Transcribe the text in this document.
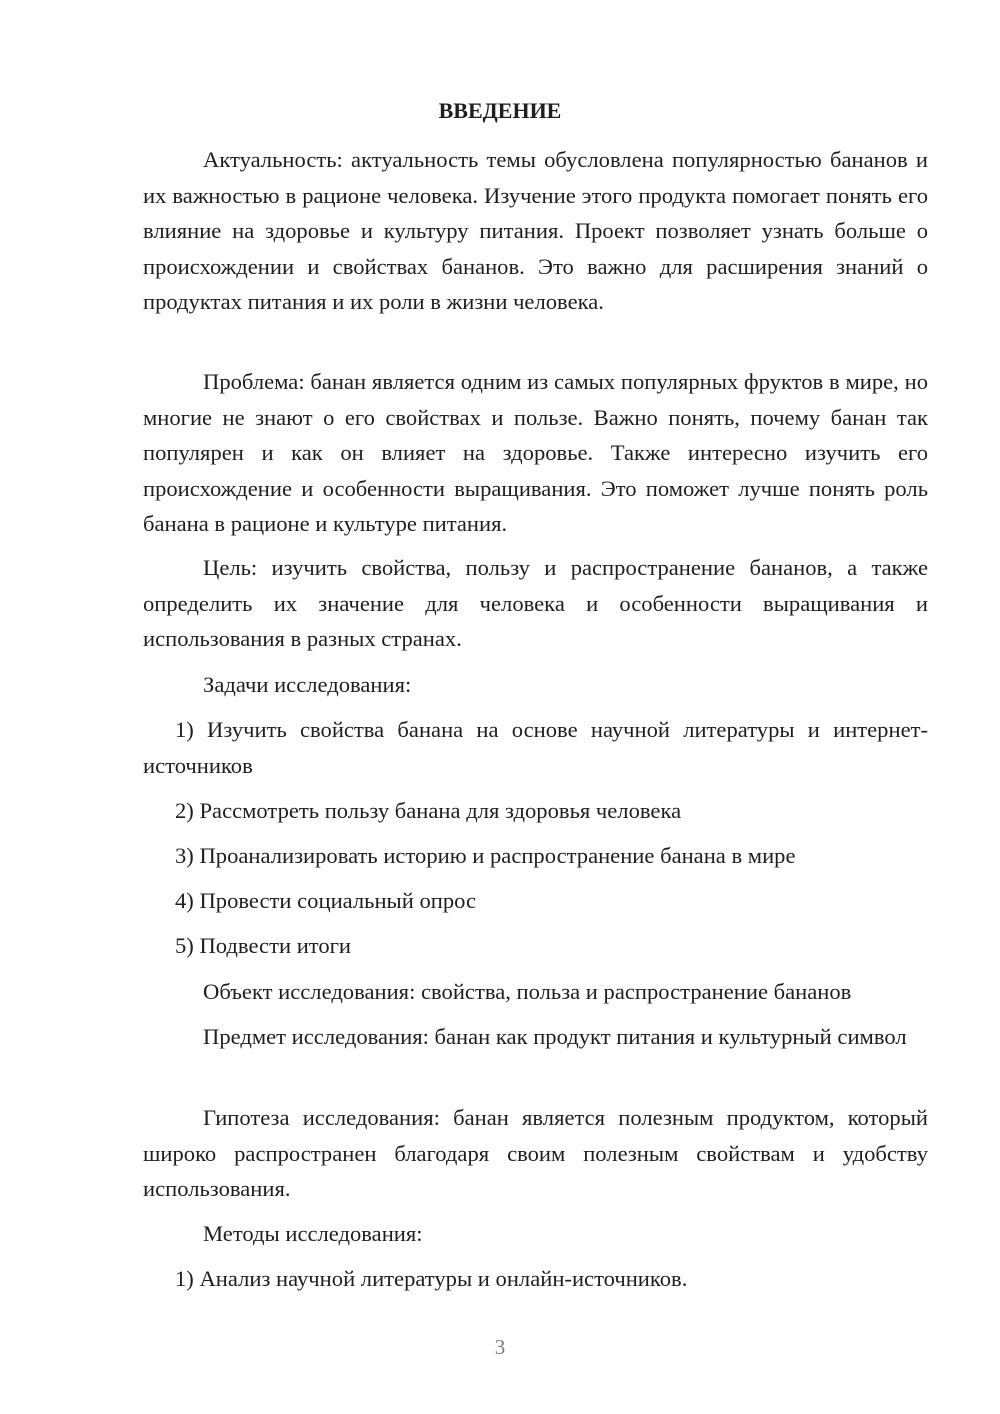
ВВЕДЕНИЕ

Актуальность: актуальность темы обусловлена популярностью бананов и их важностью в рационе человека. Изучение этого продукта помогает понять его влияние на здоровье и культуру питания. Проект позволяет узнать больше о происхождении и свойствах бананов. Это важно для расширения знаний о продуктах питания и их роли в жизни человека.

Проблема: банан является одним из самых популярных фруктов в мире, но многие не знают о его свойствах и пользе. Важно понять, почему банан так популярен и как он влияет на здоровье. Также интересно изучить его происхождение и особенности выращивания. Это поможет лучше понять роль банана в рационе и культуре питания.

Цель: изучить свойства, пользу и распространение бананов, а также определить их значение для человека и особенности выращивания и использования в разных странах.

Задачи исследования:

1) Изучить свойства банана на основе научной литературы и интернет-источников

2) Рассмотреть пользу банана для здоровья человека

3) Проанализировать историю и распространение банана в мире

4) Провести социальный опрос

5) Подвести итоги

Объект исследования: свойства, польза и распространение бананов

Предмет исследования: банан как продукт питания и культурный символ

Гипотеза исследования: банан является полезным продуктом, который широко распространен благодаря своим полезным свойствам и удобству использования.

Методы исследования:

1) Анализ научной литературы и онлайн-источников.

3
